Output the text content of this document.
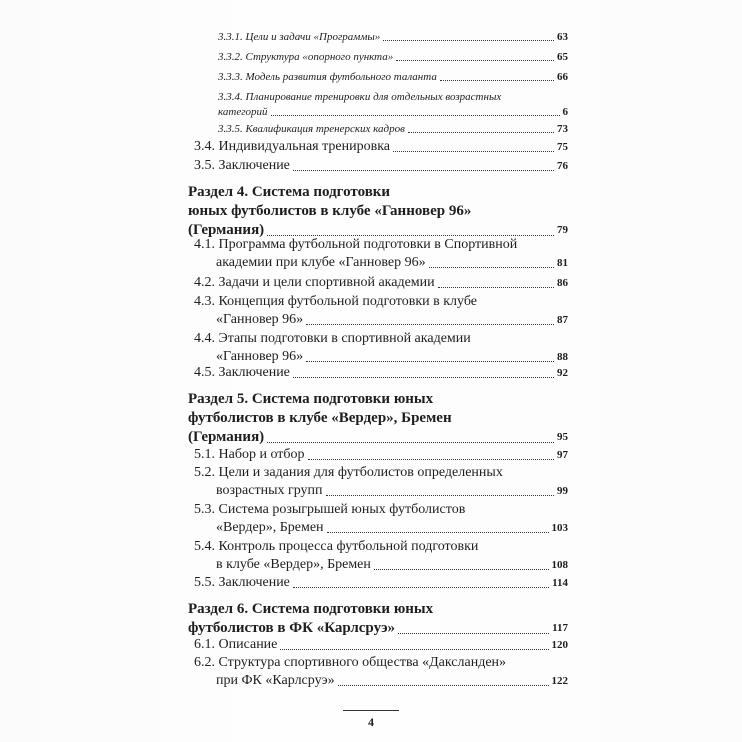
3.3.1. Цели и задачи «Программы»	63
3.3.2. Структура «опорного пункта»	65
3.3.3. Модель развития футбольного таланта	66
3.3.4. Планирование тренировки для отдельных возрастных
категорий	6
3.3.5. Квалификация тренерских кадров	73
3.4. Индивидуальная тренировка	75
3.5. Заключение	76
Раздел 4. Система подготовки
юных футболистов в клубе «Ганновер 96»
(Германия)	79
4.1. Программа футбольной подготовки в Спортивной
академии при клубе «Ганновер 96»	81
4.2. Задачи и цели спортивной академии	86
4.3. Концепция футбольной подготовки в клубе
«Ганновер 96»	87
4.4. Этапы подготовки в спортивной академии
«Ганновер 96»	88
4.5. Заключение	92
Раздел 5. Система подготовки юных
футболистов в клубе «Вердер», Бремен
(Германия)	95
5.1. Набор и отбор	97
5.2. Цели и задания для футболистов определенных
возрастных групп	99
5.3. Система розыгрышей юных футболистов
«Вердер», Бремен	103
5.4. Контроль процесса футбольной подготовки
в клубе «Вердер», Бремен	108
5.5. Заключение	114
Раздел 6. Система подготовки юных
футболистов в ФК «Карлсруэ»	117
6.1. Описание	120
6.2. Структура спортивного общества «Даксланден»
при ФК «Карлсруэ»	122
4
